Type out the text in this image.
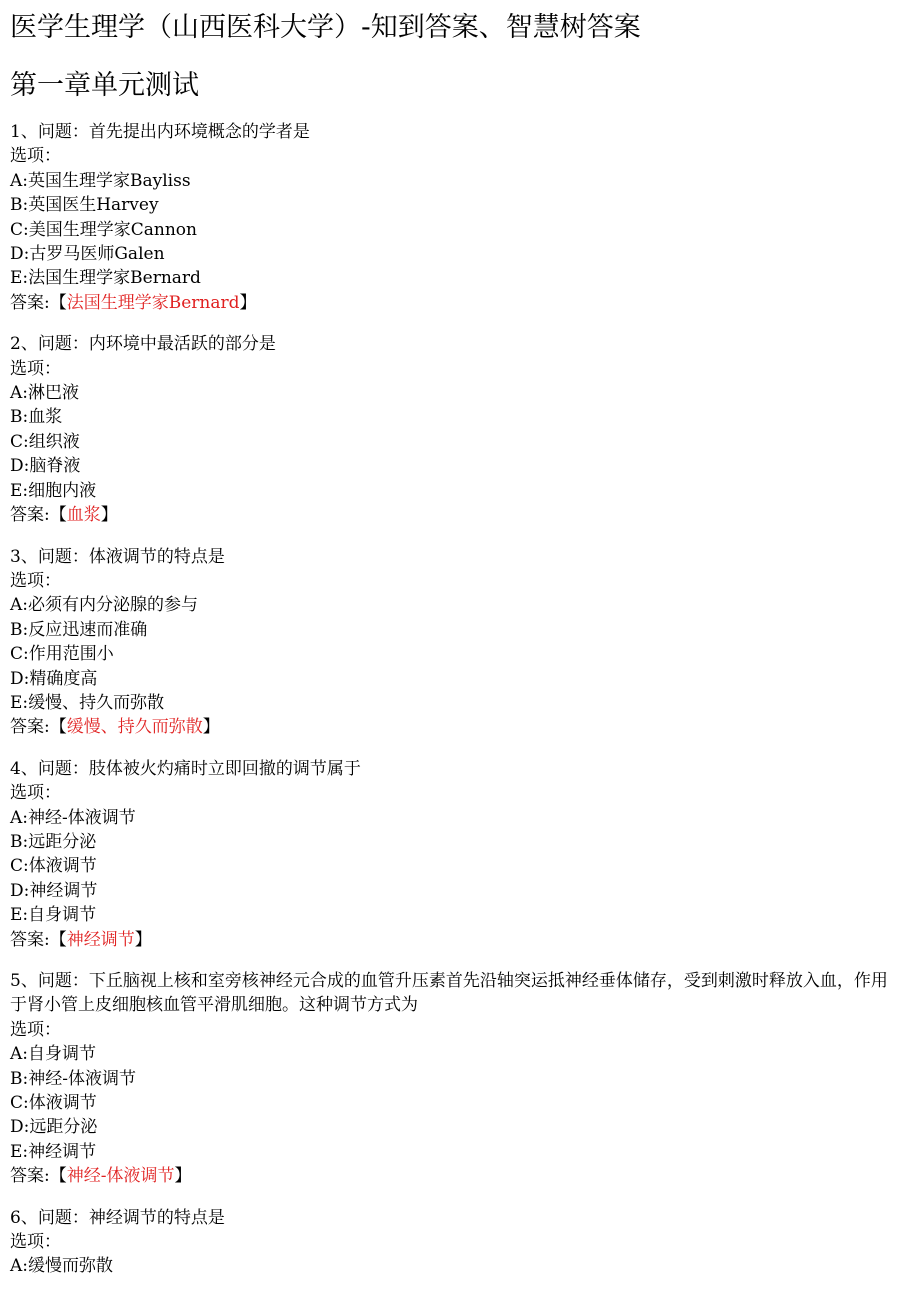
医学生理学（山西医科大学）-知到答案、智慧树答案
第一章单元测试
1、问题：首先提出内环境概念的学者是
选项：
A:英国生理学家Bayliss
B:英国医生Harvey
C:美国生理学家Cannon
D:古罗马医师Galen
E:法国生理学家Bernard
答案:【法国生理学家Bernard】
2、问题：内环境中最活跃的部分是
选项：
A:淋巴液
B:血浆
C:组织液
D:脑脊液
E:细胞内液
答案:【血浆】
3、问题：体液调节的特点是
选项：
A:必须有内分泌腺的参与
B:反应迅速而准确
C:作用范围小
D:精确度高
E:缓慢、持久而弥散
答案:【缓慢、持久而弥散】
4、问题：肢体被火灼痛时立即回撤的调节属于
选项：
A:神经-体液调节
B:远距分泌
C:体液调节
D:神经调节
E:自身调节
答案:【神经调节】
5、问题：下丘脑视上核和室旁核神经元合成的血管升压素首先沿轴突运抵神经垂体储存，受到刺激时释放入血，作用于肾小管上皮细胞核血管平滑肌细胞。这种调节方式为
选项：
A:自身调节
B:神经-体液调节
C:体液调节
D:远距分泌
E:神经调节
答案:【神经-体液调节】
6、问题：神经调节的特点是
选项：
A:缓慢而弥散
